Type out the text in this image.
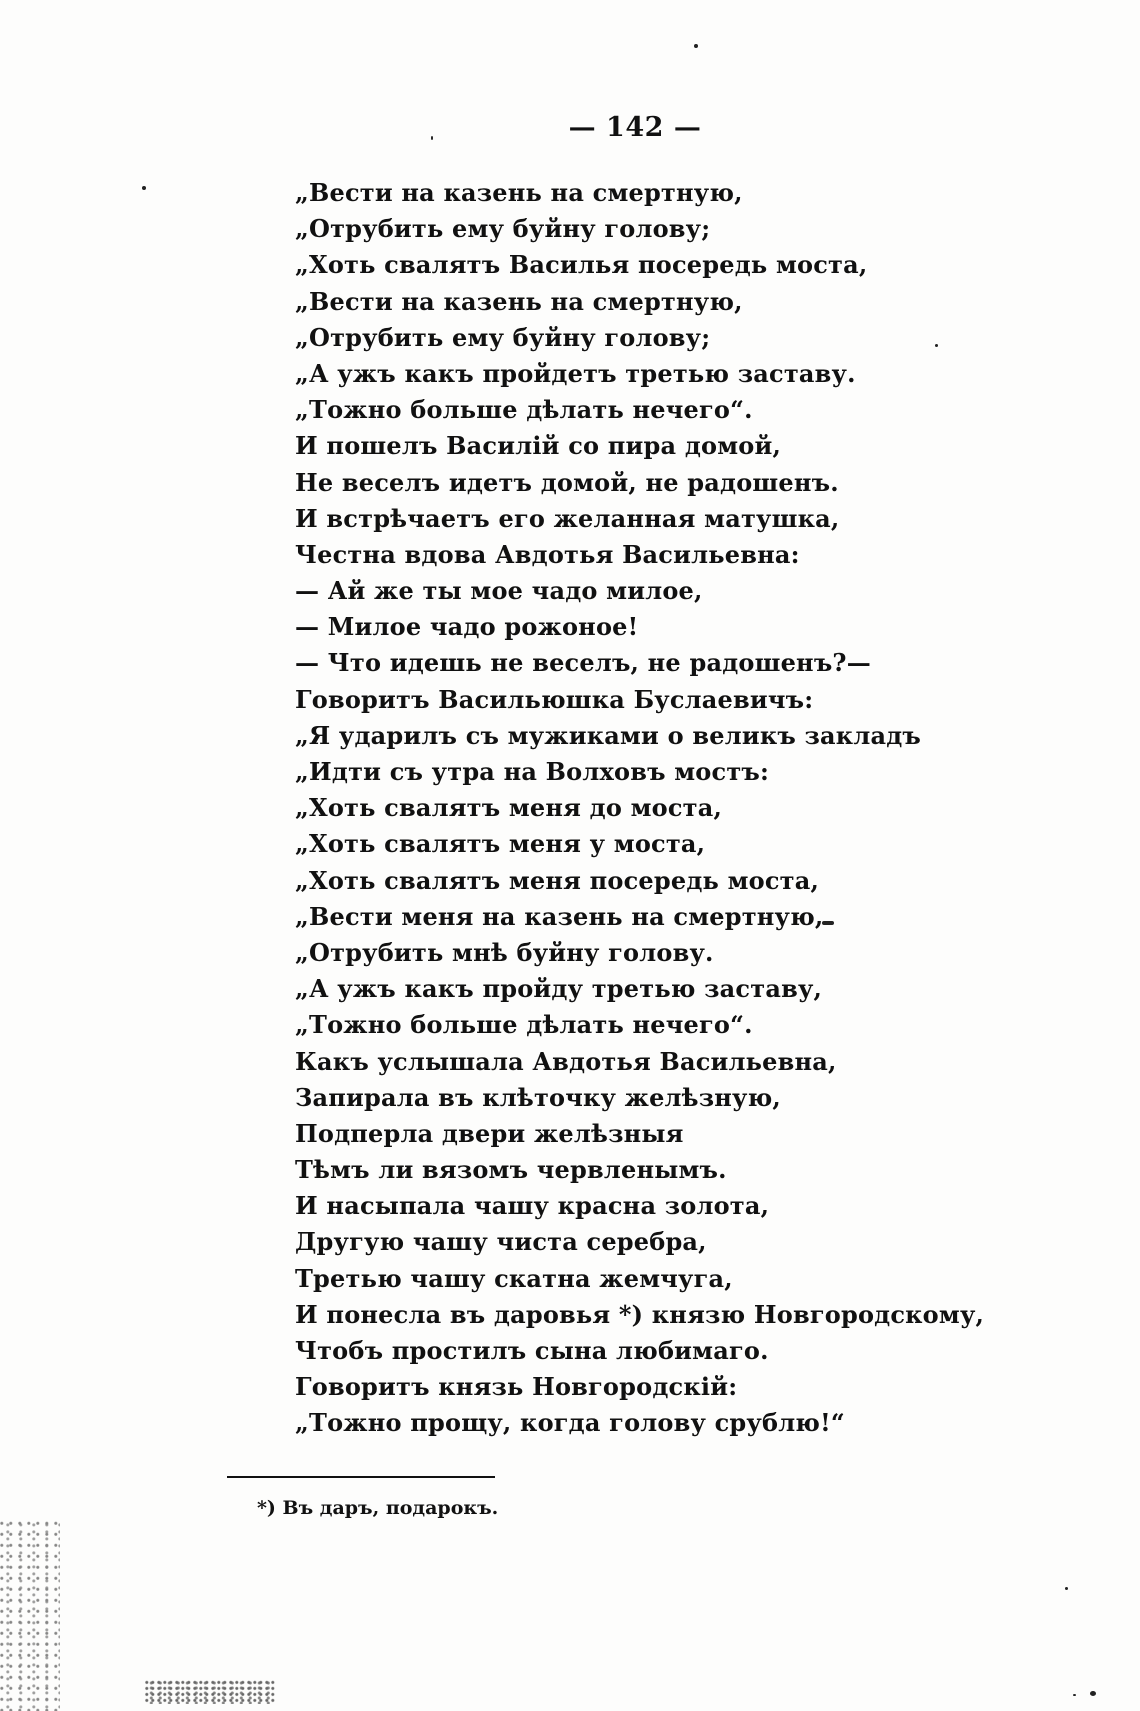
— 142 —
„Вести на казень на смертную,
„Отрубить ему буйну голову;
„Хоть свалятъ Василья посередь моста,
„Вести на казень на смертную,
„Отрубить ему буйну голову;
„А ужъ какъ пройдетъ третью заставу.
„Тожно больше дѣлать нечего“.
И пошелъ Василій со пира домой,
Не веселъ идетъ домой, не радошенъ.
И встрѣчаетъ его желанная матушка,
Честна вдова Авдотья Васильевна:
— Ай же ты мое чадо милое,
— Милое чадо рожоное!
— Что идешь не веселъ, не радошенъ?—
Говоритъ Васильюшка Буслаевичъ:
„Я ударилъ съ мужиками о великъ закладъ
„Идти съ утра на Волховъ мостъ:
„Хоть свалятъ меня до моста,
„Хоть свалятъ меня у моста,
„Хоть свалятъ меня посередь моста,
„Вести меня на казень на смертную,
„Отрубить мнѣ буйну голову.
„А ужъ какъ пройду третью заставу,
„Тожно больше дѣлать нечего“.
Какъ услышала Авдотья Васильевна,
Запирала въ клѣточку желѣзную,
Подперла двери желѣзныя
Тѣмъ ли вязомъ червленымъ.
И насыпала чашу красна золота,
Другую чашу чиста серебра,
Третью чашу скатна жемчуга,
И понесла въ даровья *) князю Новгородскому,
Чтобъ простилъ сына любимаго.
Говоритъ князь Новгородскій:
„Тожно прощу, когда голову срублю!“
*) Въ даръ, подарокъ.
